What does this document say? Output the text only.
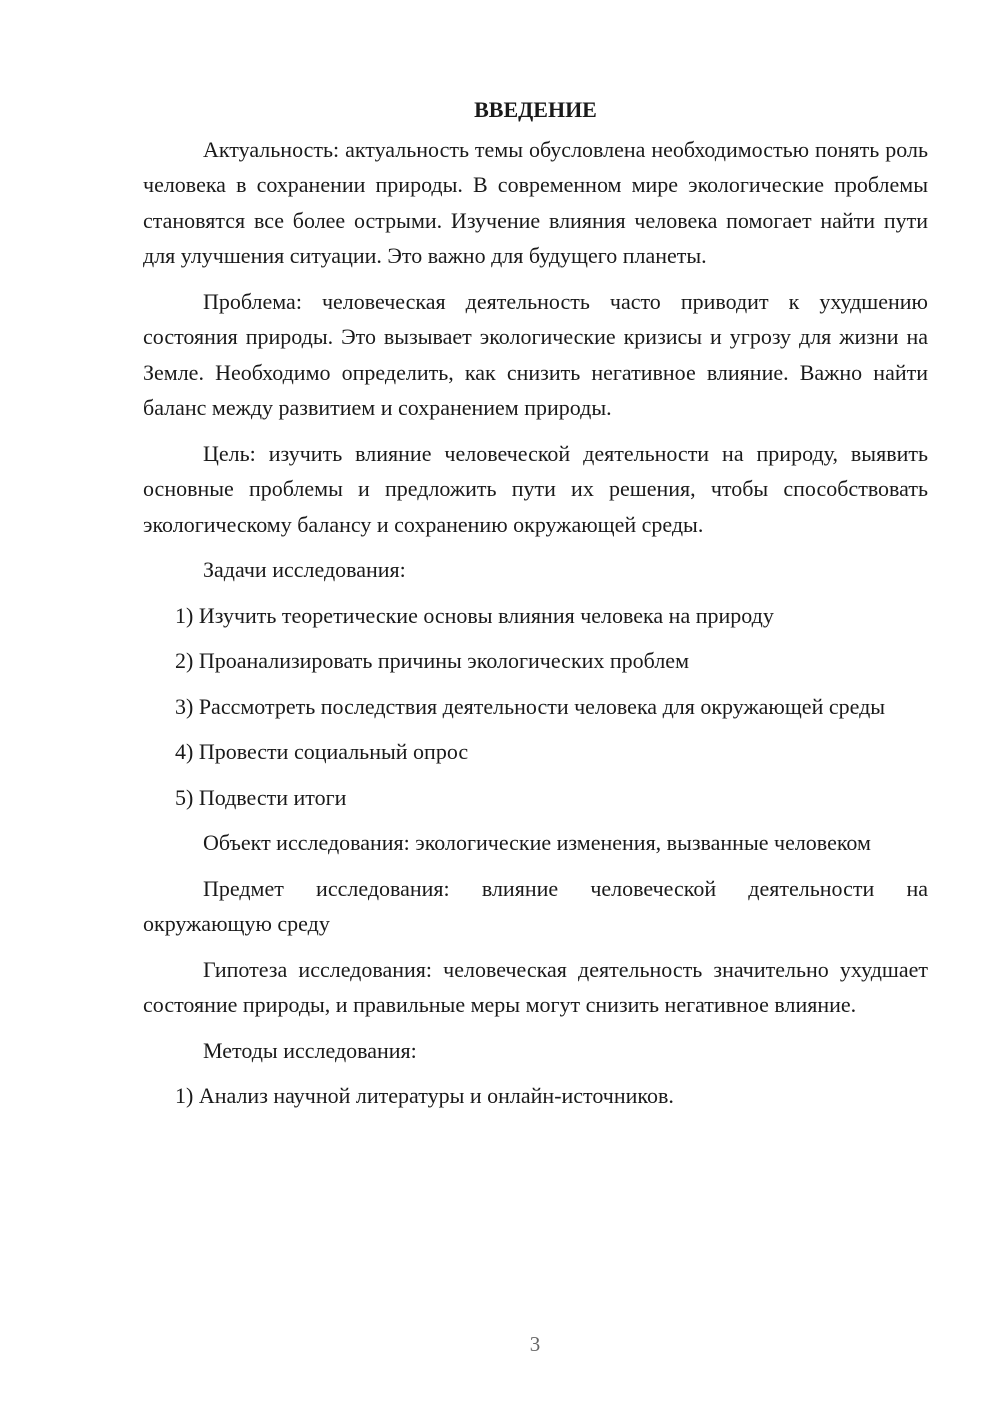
ВВЕДЕНИЕ

Актуальность: актуальность темы обусловлена необходимостью понять роль человека в сохранении природы. В современном мире экологические проблемы становятся все более острыми. Изучение влияния человека помогает найти пути для улучшения ситуации. Это важно для будущего планеты.

Проблема: человеческая деятельность часто приводит к ухудшению состояния природы. Это вызывает экологические кризисы и угрозу для жизни на Земле. Необходимо определить, как снизить негативное влияние. Важно найти баланс между развитием и сохранением природы.

Цель: изучить влияние человеческой деятельности на природу, выявить основные проблемы и предложить пути их решения, чтобы способствовать экологическому балансу и сохранению окружающей среды.

Задачи исследования:

1) Изучить теоретические основы влияния человека на природу

2) Проанализировать причины экологических проблем

3) Рассмотреть последствия деятельности человека для окружающей среды

4) Провести социальный опрос

5) Подвести итоги

Объект исследования: экологические изменения, вызванные человеком

Предмет исследования: влияние человеческой деятельности на окружающую среду

Гипотеза исследования: человеческая деятельность значительно ухудшает состояние природы, и правильные меры могут снизить негативное влияние.

Методы исследования:

1) Анализ научной литературы и онлайн-источников.

3
